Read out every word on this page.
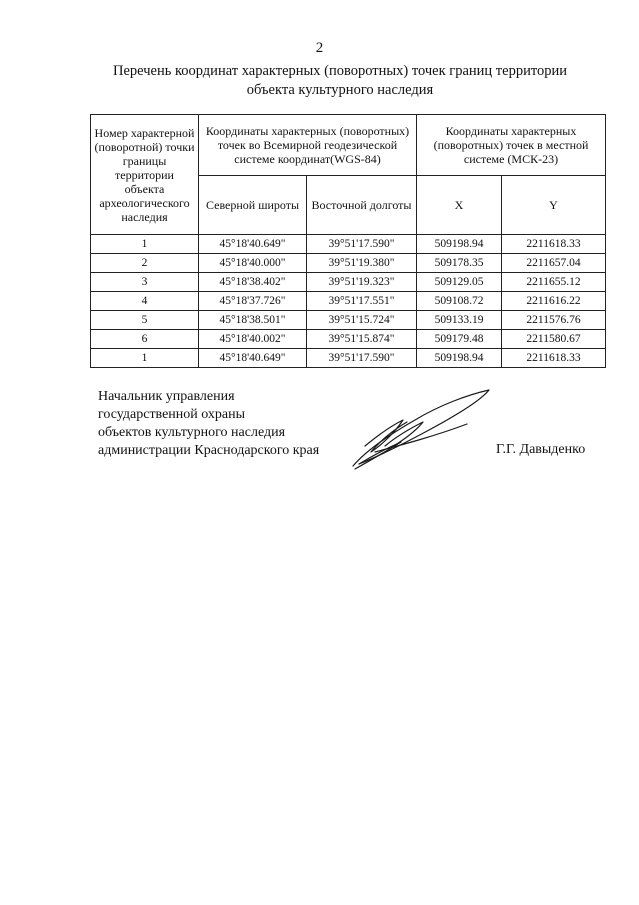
2
Перечень координат характерных (поворотных) точек границ территории
объекта культурного наследия
Номер характерной (поворотной) точки границы территории объекта археологического наследия	Координаты характерных (поворотных) точек во Всемирной геодезической системе координат(WGS-84)		Координаты характерных (поворотных) точек в местной системе (МСК-23)	
	Северной широты	Восточной долготы	X	Y
1	45°18'40.649"	39°51'17.590"	509198.94	2211618.33
2	45°18'40.000"	39°51'19.380"	509178.35	2211657.04
3	45°18'38.402"	39°51'19.323"	509129.05	2211655.12
4	45°18'37.726"	39°51'17.551"	509108.72	2211616.22
5	45°18'38.501"	39°51'15.724"	509133.19	2211576.76
6	45°18'40.002"	39°51'15.874"	509179.48	2211580.67
1	45°18'40.649"	39°51'17.590"	509198.94	2211618.33
Начальник управления
государственной охраны
объектов культурного наследия
администрации Краснодарского края	Г.Г. Давыденко
